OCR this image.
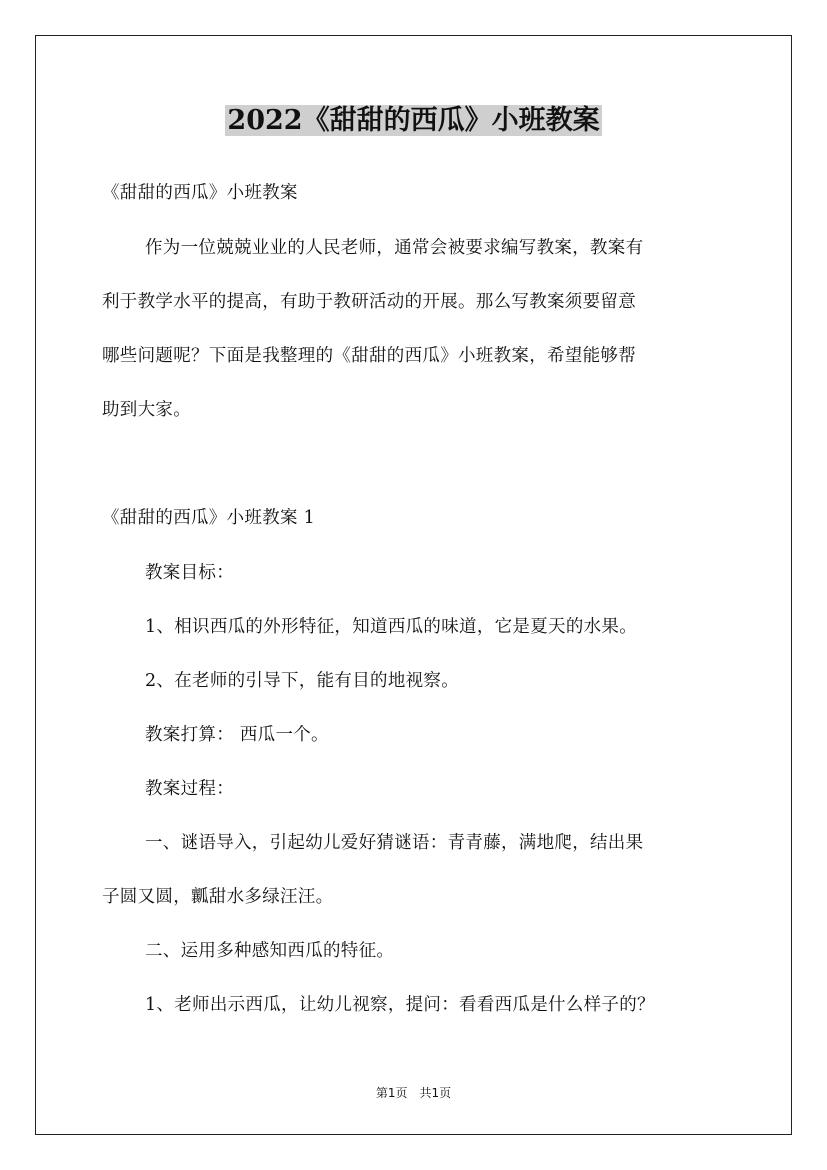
2022《甜甜的西瓜》小班教案
《甜甜的西瓜》小班教案
作为一位兢兢业业的人民老师，通常会被要求编写教案，教案有
利于教学水平的提高，有助于教研活动的开展。那么写教案须要留意
哪些问题呢？下面是我整理的《甜甜的西瓜》小班教案，希望能够帮
助到大家。
《甜甜的西瓜》小班教案 1
教案目标：
1、相识西瓜的外形特征，知道西瓜的味道，它是夏天的水果。
2、在老师的引导下，能有目的地视察。
教案打算： 西瓜一个。
教案过程：
一、谜语导入，引起幼儿爱好猜谜语：青青藤，满地爬，结出果
子圆又圆，瓤甜水多绿汪汪。
二、运用多种感知西瓜的特征。
1、老师出示西瓜，让幼儿视察，提问：看看西瓜是什么样子的？
第1页　共1页
